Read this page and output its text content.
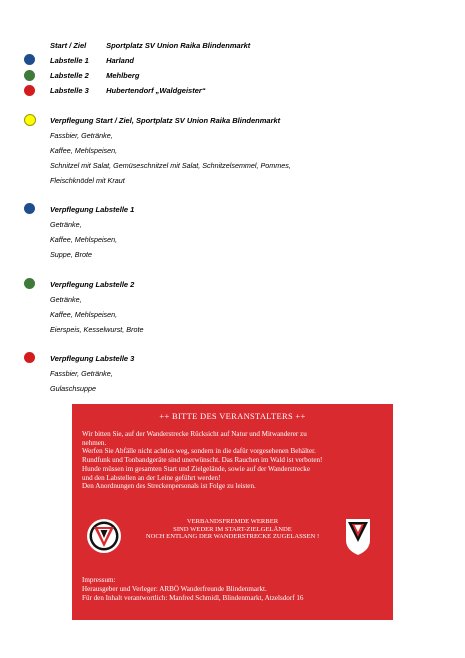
Start / Ziel	Sportplatz SV Union Raika Blindenmarkt
Labstelle 1 Harland
Labstelle 2 Mehlberg
Labstelle 3 Hubertendorf „Waldgeister“
Verpflegung Start / Ziel, Sportplatz SV Union Raika Blindenmarkt
Fassbier, Getränke,
Kaffee, Mehlspeisen,
Schnitzel mit Salat, Gemüseschnitzel mit Salat, Schnitzelsemmel, Pommes,
Fleischknödel mit Kraut
Verpflegung Labstelle 1
Getränke,
Kaffee, Mehlspeisen,
Suppe, Brote
Verpflegung Labstelle 2
Getränke,
Kaffee, Mehlspeisen,
Eierspeis, Kesselwurst, Brote
Verpflegung Labstelle 3
Fassbier, Getränke,
Gulaschsuppe
++ BITTE DES VERANSTALTERS ++
Wir bitten Sie, auf der Wanderstrecke Rücksicht auf Natur und Mitwanderer zu
nehmen.
Werfen Sie Abfälle nicht achtlos weg, sondern in die dafür vorgesehenen Behälter.
Rundfunk und Tonbandgeräte sind unerwünscht. Das Rauchen im Wald ist verboten!
Hunde müssen im gesamten Start und Zielgelände, sowie auf der Wanderstrecke
und den Labstellen an der Leine geführt werden!
Den Anordnungen des Streckenpersonals ist Folge zu leisten.
VERBANDSFREMDE WERBER
SIND WEDER IM START-ZIELGELÄNDE
NOCH ENTLANG DER WANDERSTRECKE ZUGELASSEN !
Impressum:
Herausgeber und Verleger: ARBÖ Wanderfreunde Blindenmarkt.
Für den Inhalt verantwortlich: Manfred Schmidl, Blindenmarkt, Atzelsdorf 16
